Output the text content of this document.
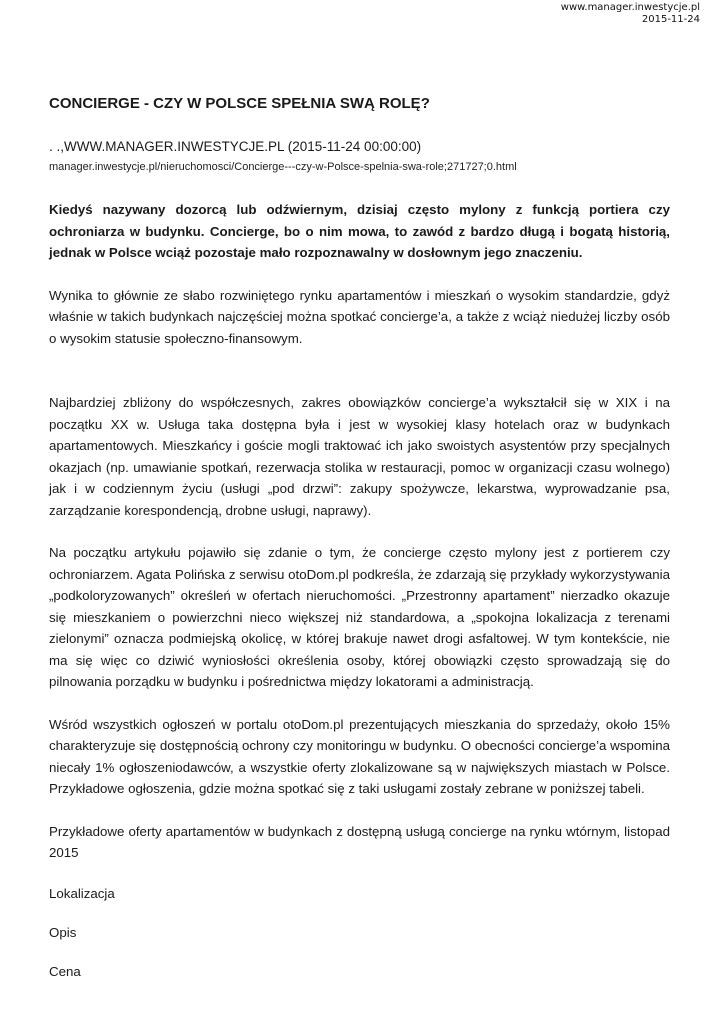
www.manager.inwestycje.pl
2015-11-24
CONCIERGE - CZY W POLSCE SPEŁNIA SWĄ ROLĘ?
. .,WWW.MANAGER.INWESTYCJE.PL (2015-11-24 00:00:00)
manager.inwestycje.pl/nieruchomosci/Concierge---czy-w-Polsce-spelnia-swa-role;271727;0.html

Kiedyś nazywany dozorcą lub odźwiernym, dzisiaj często mylony z funkcją portiera czy ochroniarza w budynku. Concierge, bo o nim mowa, to zawód z bardzo długą i bogatą historią, jednak w Polsce wciąż pozostaje mało rozpoznawalny w dosłownym jego znaczeniu.

Wynika to głównie ze słabo rozwiniętego rynku apartamentów i mieszkań o wysokim standardzie, gdyż właśnie w takich budynkach najczęściej można spotkać concierge’a, a także z wciąż niedużej liczby osób o wysokim statusie społeczno-finansowym.

Najbardziej zbliżony do współczesnych, zakres obowiązków concierge’a wykształcił się w XIX i na początku XX w. Usługa taka dostępna była i jest w wysokiej klasy hotelach oraz w budynkach apartamentowych. Mieszkańcy i goście mogli traktować ich jako swoistych asystentów przy specjalnych okazjach (np. umawianie spotkań, rezerwacja stolika w restauracji, pomoc w organizacji czasu wolnego) jak i w codziennym życiu (usługi „pod drzwi”: zakupy spożywcze, lekarstwa, wyprowadzanie psa, zarządzanie korespondencją, drobne usługi, naprawy).

Na początku artykułu pojawiło się zdanie o tym, że concierge często mylony jest z portierem czy ochroniarzem. Agata Polińska z serwisu otoDom.pl podkreśla, że zdarzają się przykłady wykorzystywania „podkoloryzowanych” określeń w ofertach nieruchomości. „Przestronny apartament” nierzadko okazuje się mieszkaniem o powierzchni nieco większej niż standardowa, a „spokojna lokalizacja z terenami zielonymi” oznacza podmiejską okolicę, w której brakuje nawet drogi asfaltowej. W tym kontekście, nie ma się więc co dziwić wyniosłości określenia osoby, której obowiązki często sprowadzają się do pilnowania porządku w budynku i pośrednictwa między lokatorami a administracją.

Wśród wszystkich ogłoszeń w portalu otoDom.pl prezentujących mieszkania do sprzedaży, około 15% charakteryzuje się dostępnością ochrony czy monitoringu w budynku. O obecności concierge’a wspomina niecały 1% ogłoszeniodawców, a wszystkie oferty zlokalizowane są w największych miastach w Polsce. Przykładowe ogłoszenia, gdzie można spotkać się z taki usługami zostały zebrane w poniższej tabeli.

Przykładowe oferty apartamentów w budynkach z dostępną usługą concierge na rynku wtórnym, listopad 2015

Lokalizacja
Opis
Cena
